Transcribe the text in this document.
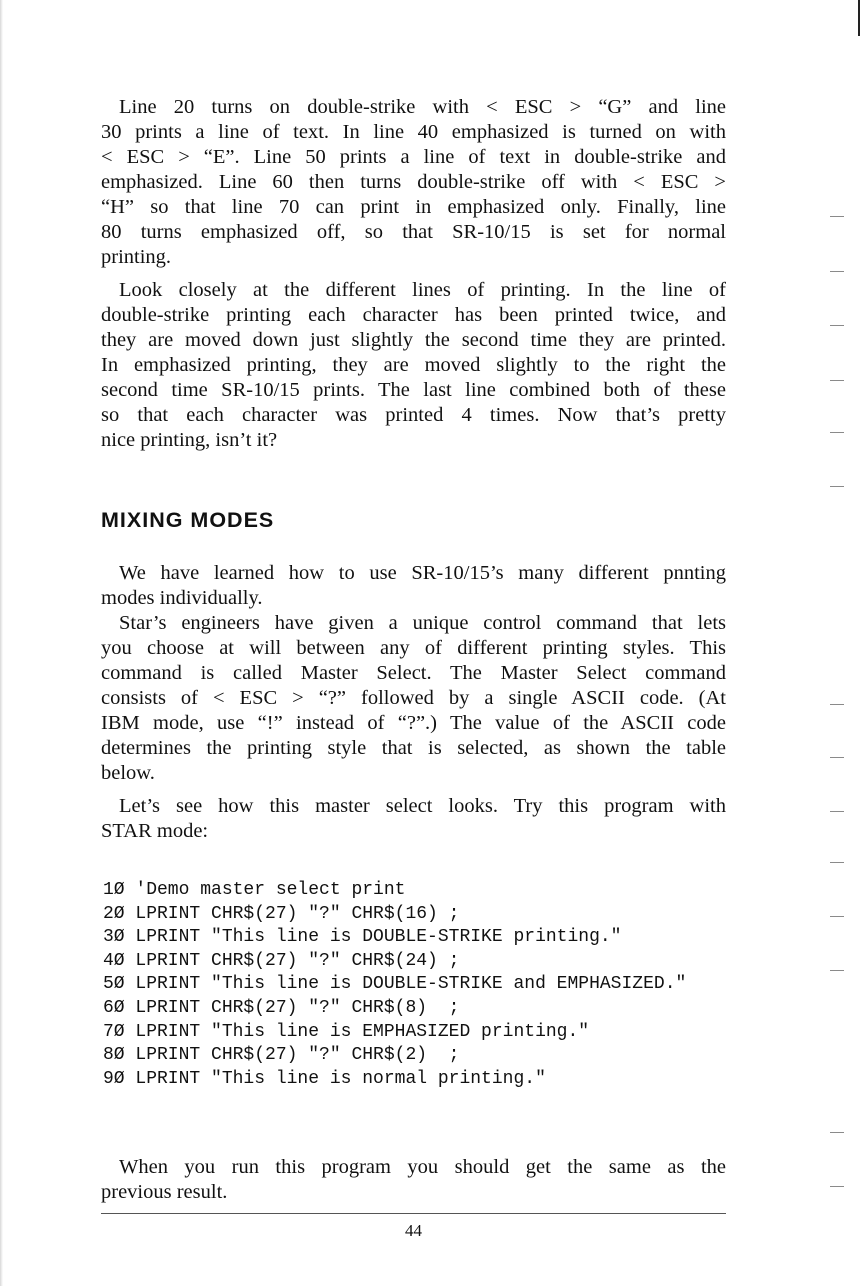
Line 20 turns on double-strike with < ESC > “G” and line
30 prints a line of text. In line 40 emphasized is turned on with
< ESC > “E”. Line 50 prints a line of text in double-strike and
emphasized. Line 60 then turns double-strike off with < ESC >
“H” so that line 70 can print in emphasized only. Finally, line
80 turns emphasized off, so that SR-10/15 is set for normal
printing.

Look closely at the different lines of printing. In the line of
double-strike printing each character has been printed twice, and
they are moved down just slightly the second time they are printed.
In emphasized printing, they are moved slightly to the right the
second time SR-10/15 prints. The last line combined both of these
so that each character was printed 4 times. Now that’s pretty
nice printing, isn’t it?

MIXING MODES

We have learned how to use SR-10/15’s many different pnnting
modes individually.

Star’s engineers have given a unique control command that lets
you choose at will between any of different printing styles. This
command is called Master Select. The Master Select command
consists of < ESC > “?” followed by a single ASCII code. (At
IBM mode, use “!” instead of “?”.) The value of the ASCII code
determines the printing style that is selected, as shown the table
below.

Let’s see how this master select looks. Try this program with
STAR mode:

1Ø 'Demo master select print
2Ø LPRINT CHR$(27) "?" CHR$(16) ;
3Ø LPRINT "This line is DOUBLE-STRIKE printing."
4Ø LPRINT CHR$(27) "?" CHR$(24) ;
5Ø LPRINT "This line is DOUBLE-STRIKE and EMPHASIZED."
6Ø LPRINT CHR$(27) "?" CHR$(8)  ;
7Ø LPRINT "This line is EMPHASIZED printing."
8Ø LPRINT CHR$(27) "?" CHR$(2)  ;
9Ø LPRINT "This line is normal printing."

When you run this program you should get the same as the
previous result.

44
